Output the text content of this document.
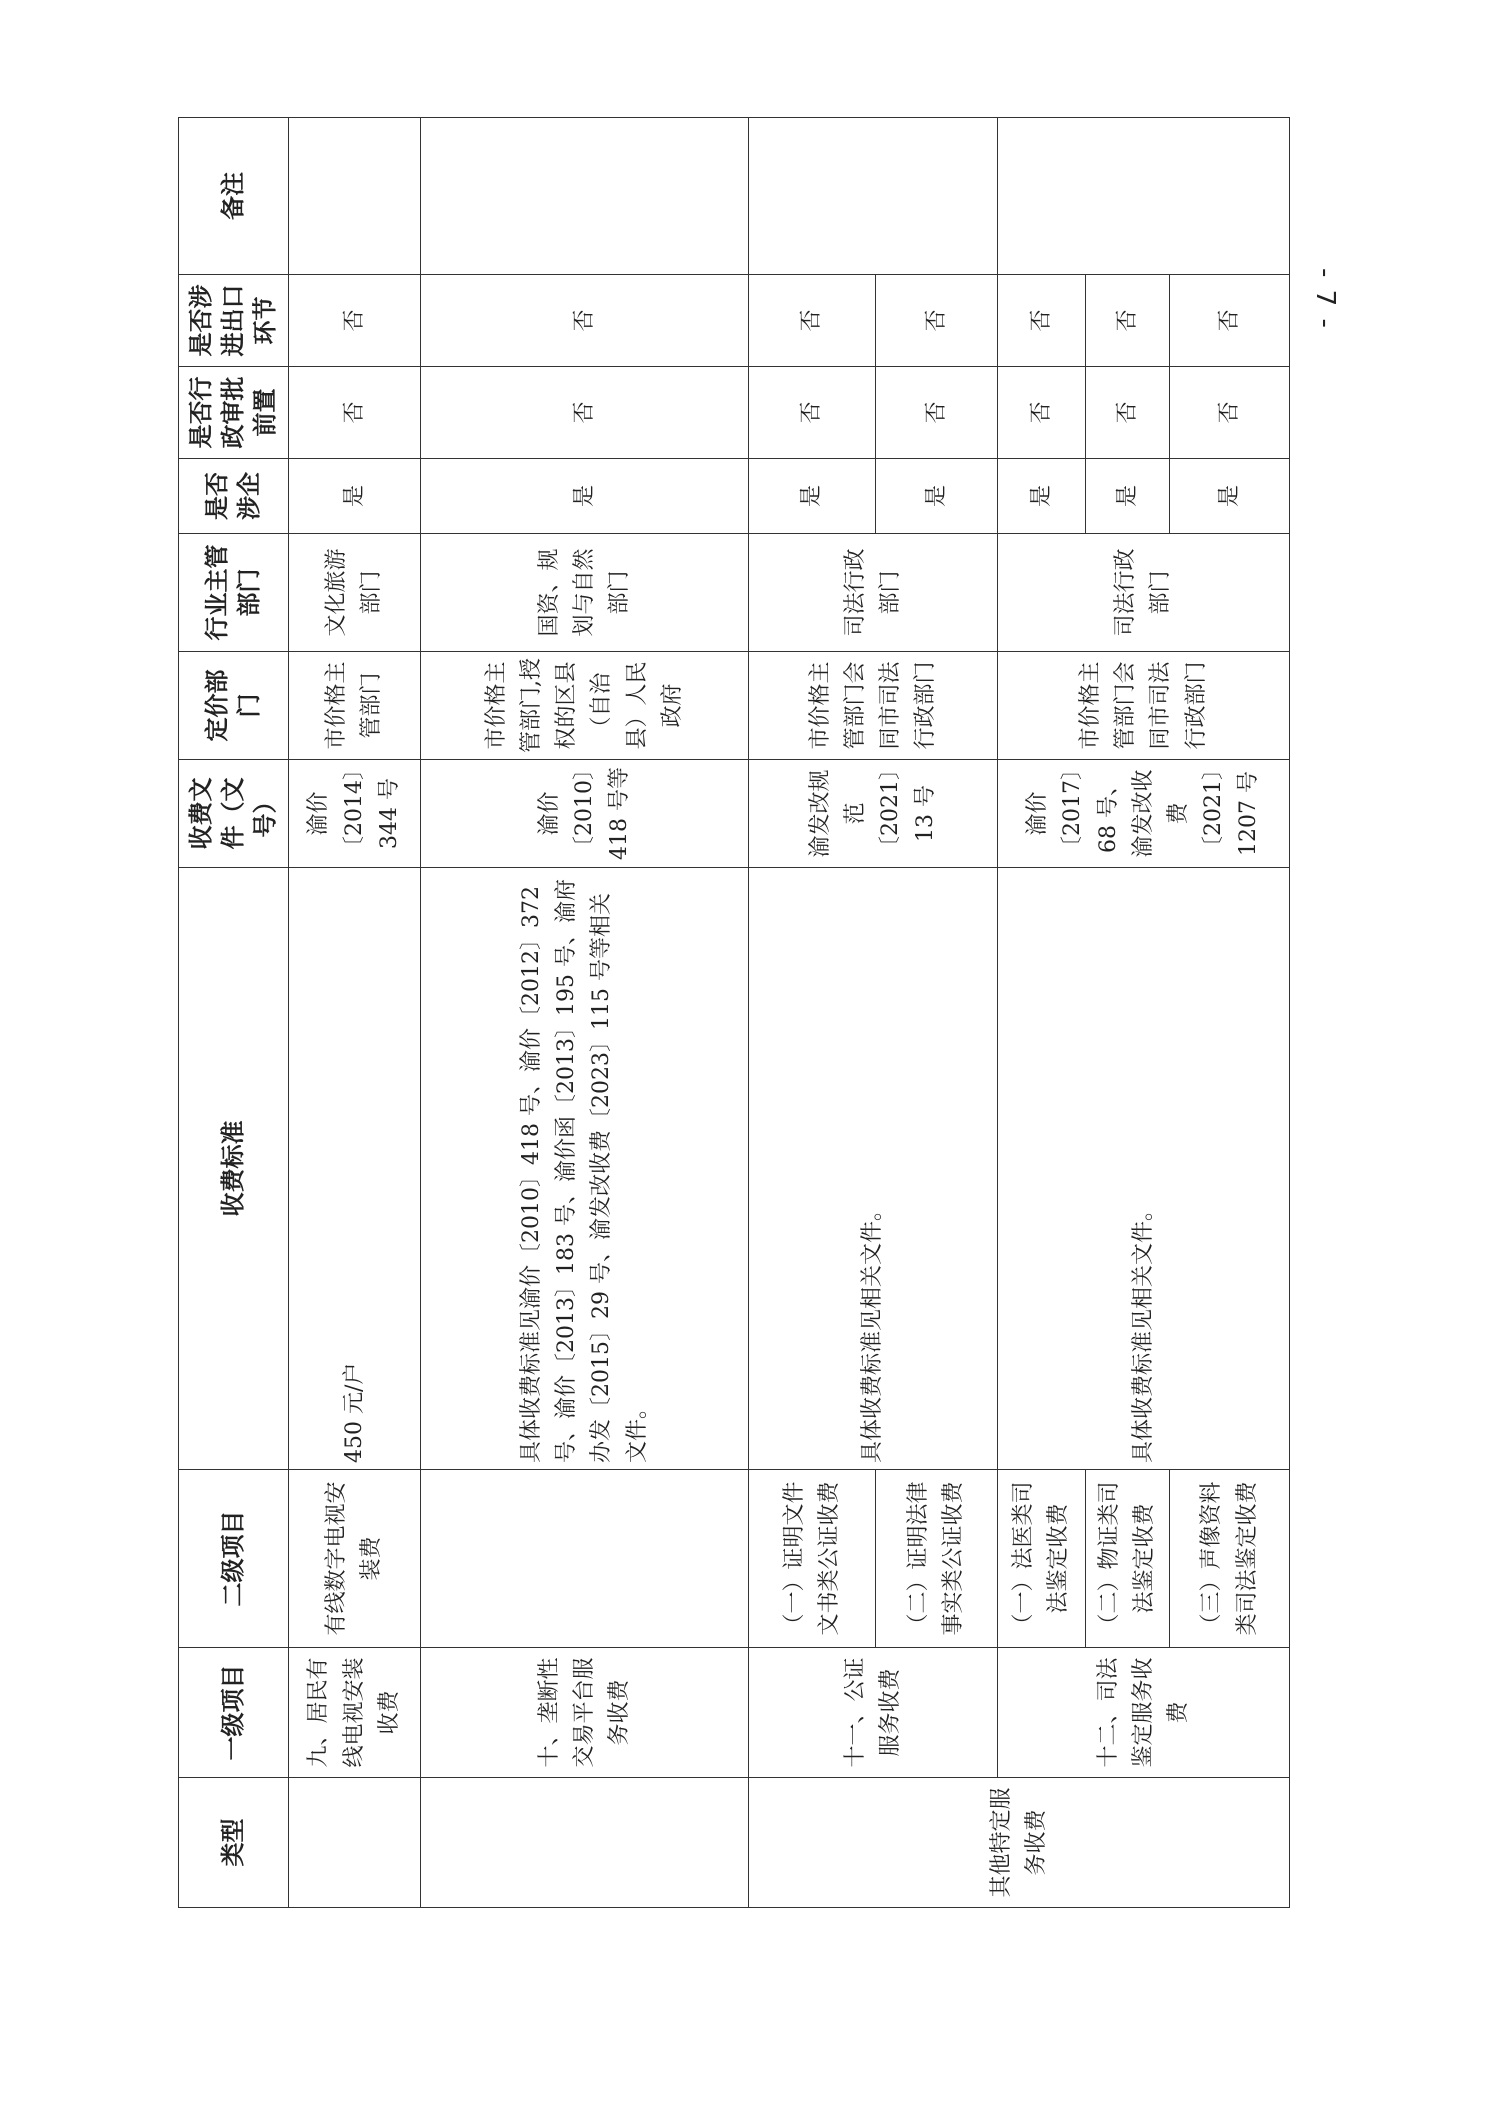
- 7 -
类型	一级项目	二级项目	收费标准	收费文件（文号）	定价部门	行业主管部门	是否涉企	是否行政审批前置	是否涉进出口环节	备注
	九、居民有线电视安装收费	有线数字电视安装费	450 元/户	渝价〔2014〕344 号	市价格主管部门	文化旅游部门	是	否	否	
	十、垄断性交易平台服务收费		具体收费标准见渝价〔2010〕418 号、渝价〔2012〕372 号、渝价〔2013〕183 号、渝价函〔2013〕195 号、渝府办发〔2015〕29 号、渝发改收费〔2023〕115 号等相关文件。	渝价〔2010〕418 号等	市价格主管部门,授权的区县（自治县）人民政府	国资、规划与自然部门	是	否	否	
其他特定服务收费	十一、公证服务收费	（一）证明文件文书类公证收费	具体收费标准见相关文件。	渝发改规范〔2021〕13 号	市价格主管部门会同市司法行政部门	司法行政部门	是	否	否	
		（二）证明法律事实类公证收费					是	否	否	
	十二、司法鉴定服务收费	（一）法医类司法鉴定收费	具体收费标准见相关文件。	渝价〔2017〕68 号、渝发改收费〔2021〕1207 号	市价格主管部门会同市司法行政部门	司法行政部门	是	否	否	
		（二）物证类司法鉴定收费					是	否	否	
		（三）声像资料类司法鉴定收费					是	否	否	
